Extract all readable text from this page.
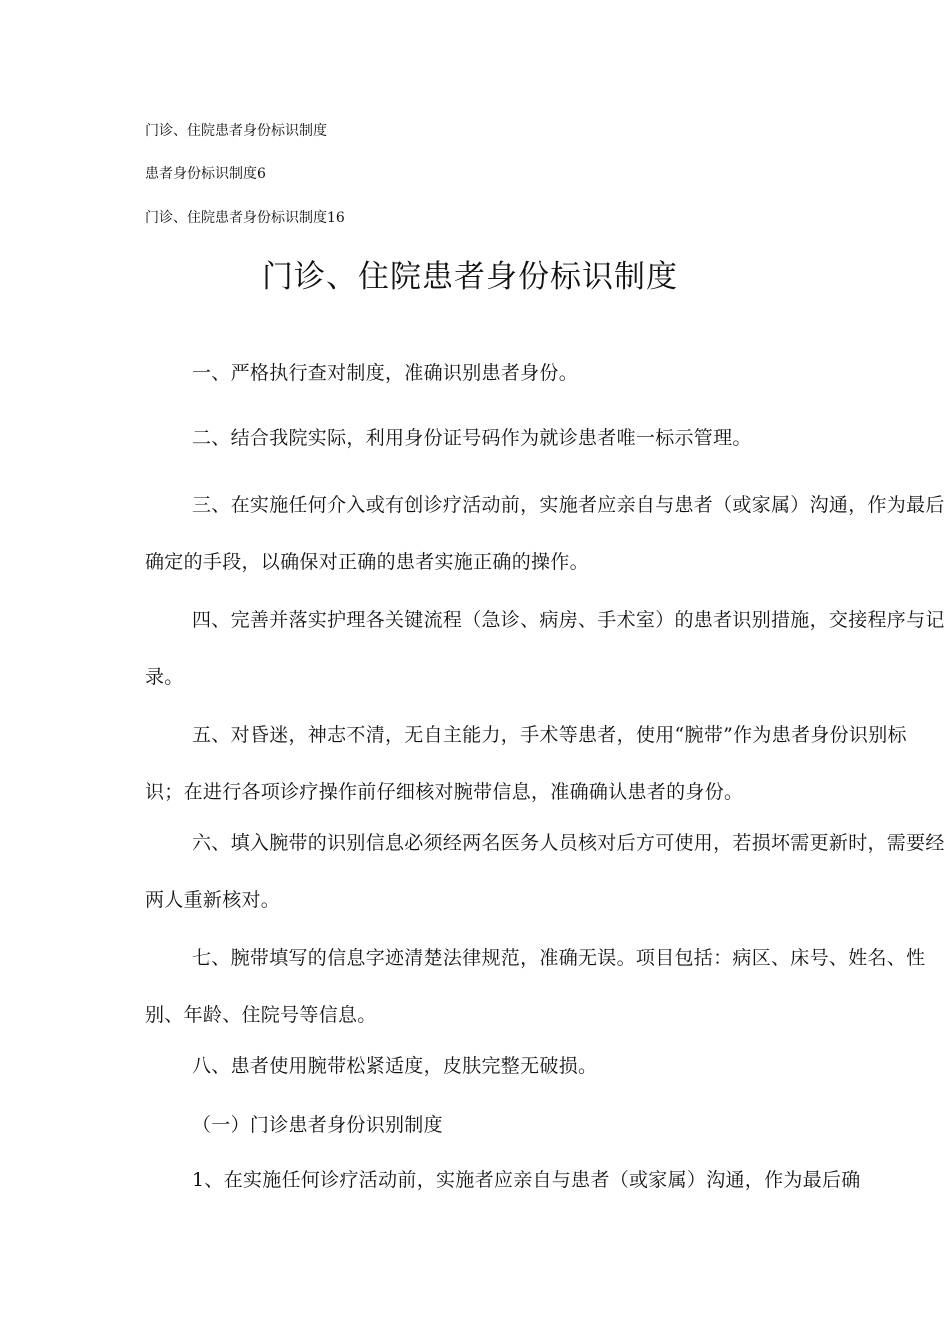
门诊、住院患者身份标识制度
患者身份标识制度6
门诊、住院患者身份标识制度16
门诊、住院患者身份标识制度

一、严格执行查对制度，准确识别患者身份。

二、结合我院实际，利用身份证号码作为就诊患者唯一标示管理。

三、在实施任何介入或有创诊疗活动前，实施者应亲自与患者（或家属）沟通，作为最后确定的手段，以确保对正确的患者实施正确的操作。

四、完善并落实护理各关键流程（急诊、病房、手术室）的患者识别措施，交接程序与记录。

五、对昏迷，神志不清，无自主能力，手术等患者，使用“腕带”作为患者身份识别标识；在进行各项诊疗操作前仔细核对腕带信息，准确确认患者的身份。

六、填入腕带的识别信息必须经两名医务人员核对后方可使用，若损坏需更新时，需要经两人重新核对。

七、腕带填写的信息字迹清楚法律规范，准确无误。项目包括：病区、床号、姓名、性别、年龄、住院号等信息。

八、患者使用腕带松紧适度，皮肤完整无破损。

（一）门诊患者身份识别制度

1、在实施任何诊疗活动前，实施者应亲自与患者（或家属）沟通，作为最后确
